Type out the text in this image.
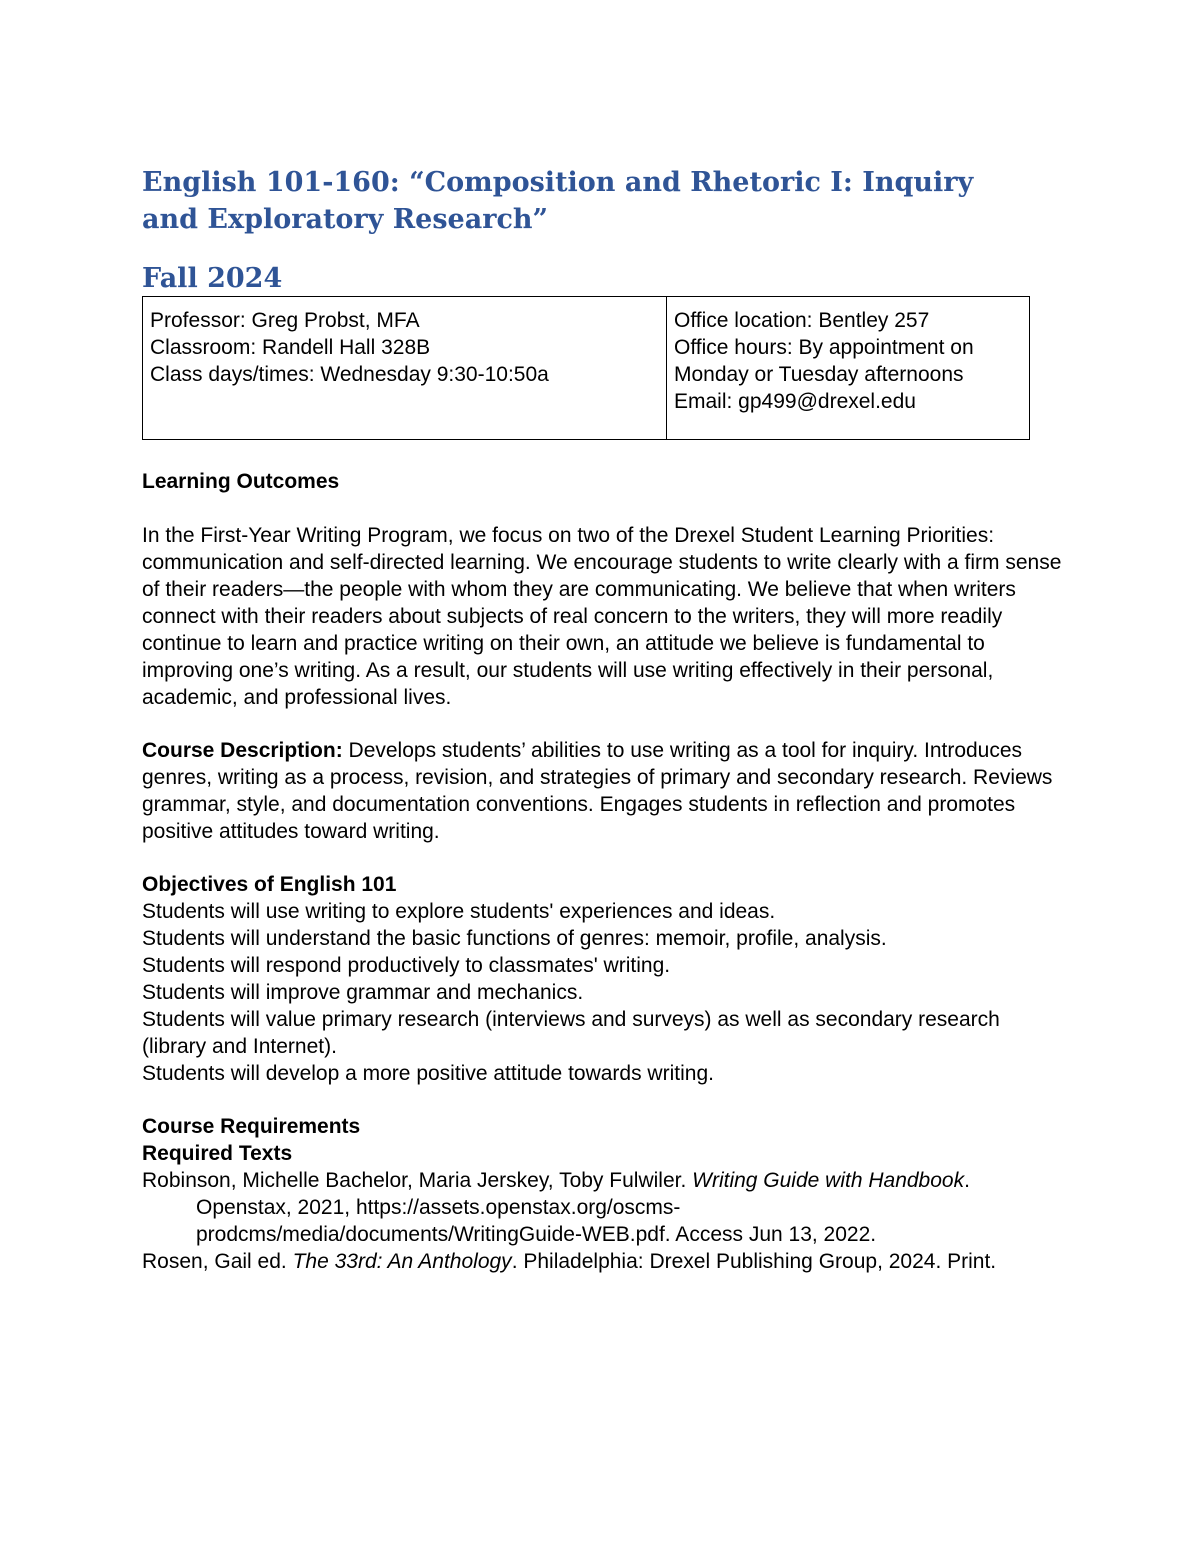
English 101-160: “Composition and Rhetoric I: Inquiry and Exploratory Research”
Fall 2024
Professor: Greg Probst, MFA
Classroom: Randell Hall 328B
Class days/times: Wednesday 9:30-10:50a

Office location: Bentley 257
Office hours: By appointment on
Monday or Tuesday afternoons
Email: gp499@drexel.edu

Learning Outcomes

In the First-Year Writing Program, we focus on two of the Drexel Student Learning Priorities: communication and self-directed learning. We encourage students to write clearly with a firm sense of their readers—the people with whom they are communicating. We believe that when writers connect with their readers about subjects of real concern to the writers, they will more readily continue to learn and practice writing on their own, an attitude we believe is fundamental to improving one’s writing. As a result, our students will use writing effectively in their personal, academic, and professional lives.

Course Description: Develops students’ abilities to use writing as a tool for inquiry. Introduces genres, writing as a process, revision, and strategies of primary and secondary research. Reviews grammar, style, and documentation conventions. Engages students in reflection and promotes positive attitudes toward writing.

Objectives of English 101

Students will use writing to explore students' experiences and ideas.

Students will understand the basic functions of genres: memoir, profile, analysis.

Students will respond productively to classmates' writing.

Students will improve grammar and mechanics.

Students will value primary research (interviews and surveys) as well as secondary research (library and Internet).

Students will develop a more positive attitude towards writing.

Course Requirements

Required Texts

Robinson, Michelle Bachelor, Maria Jerskey, Toby Fulwiler. Writing Guide with Handbook. Openstax, 2021, https://assets.openstax.org/oscms-prodcms/media/documents/WritingGuide-WEB.pdf. Access Jun 13, 2022.

Rosen, Gail ed. The 33rd: An Anthology. Philadelphia: Drexel Publishing Group, 2024. Print.
